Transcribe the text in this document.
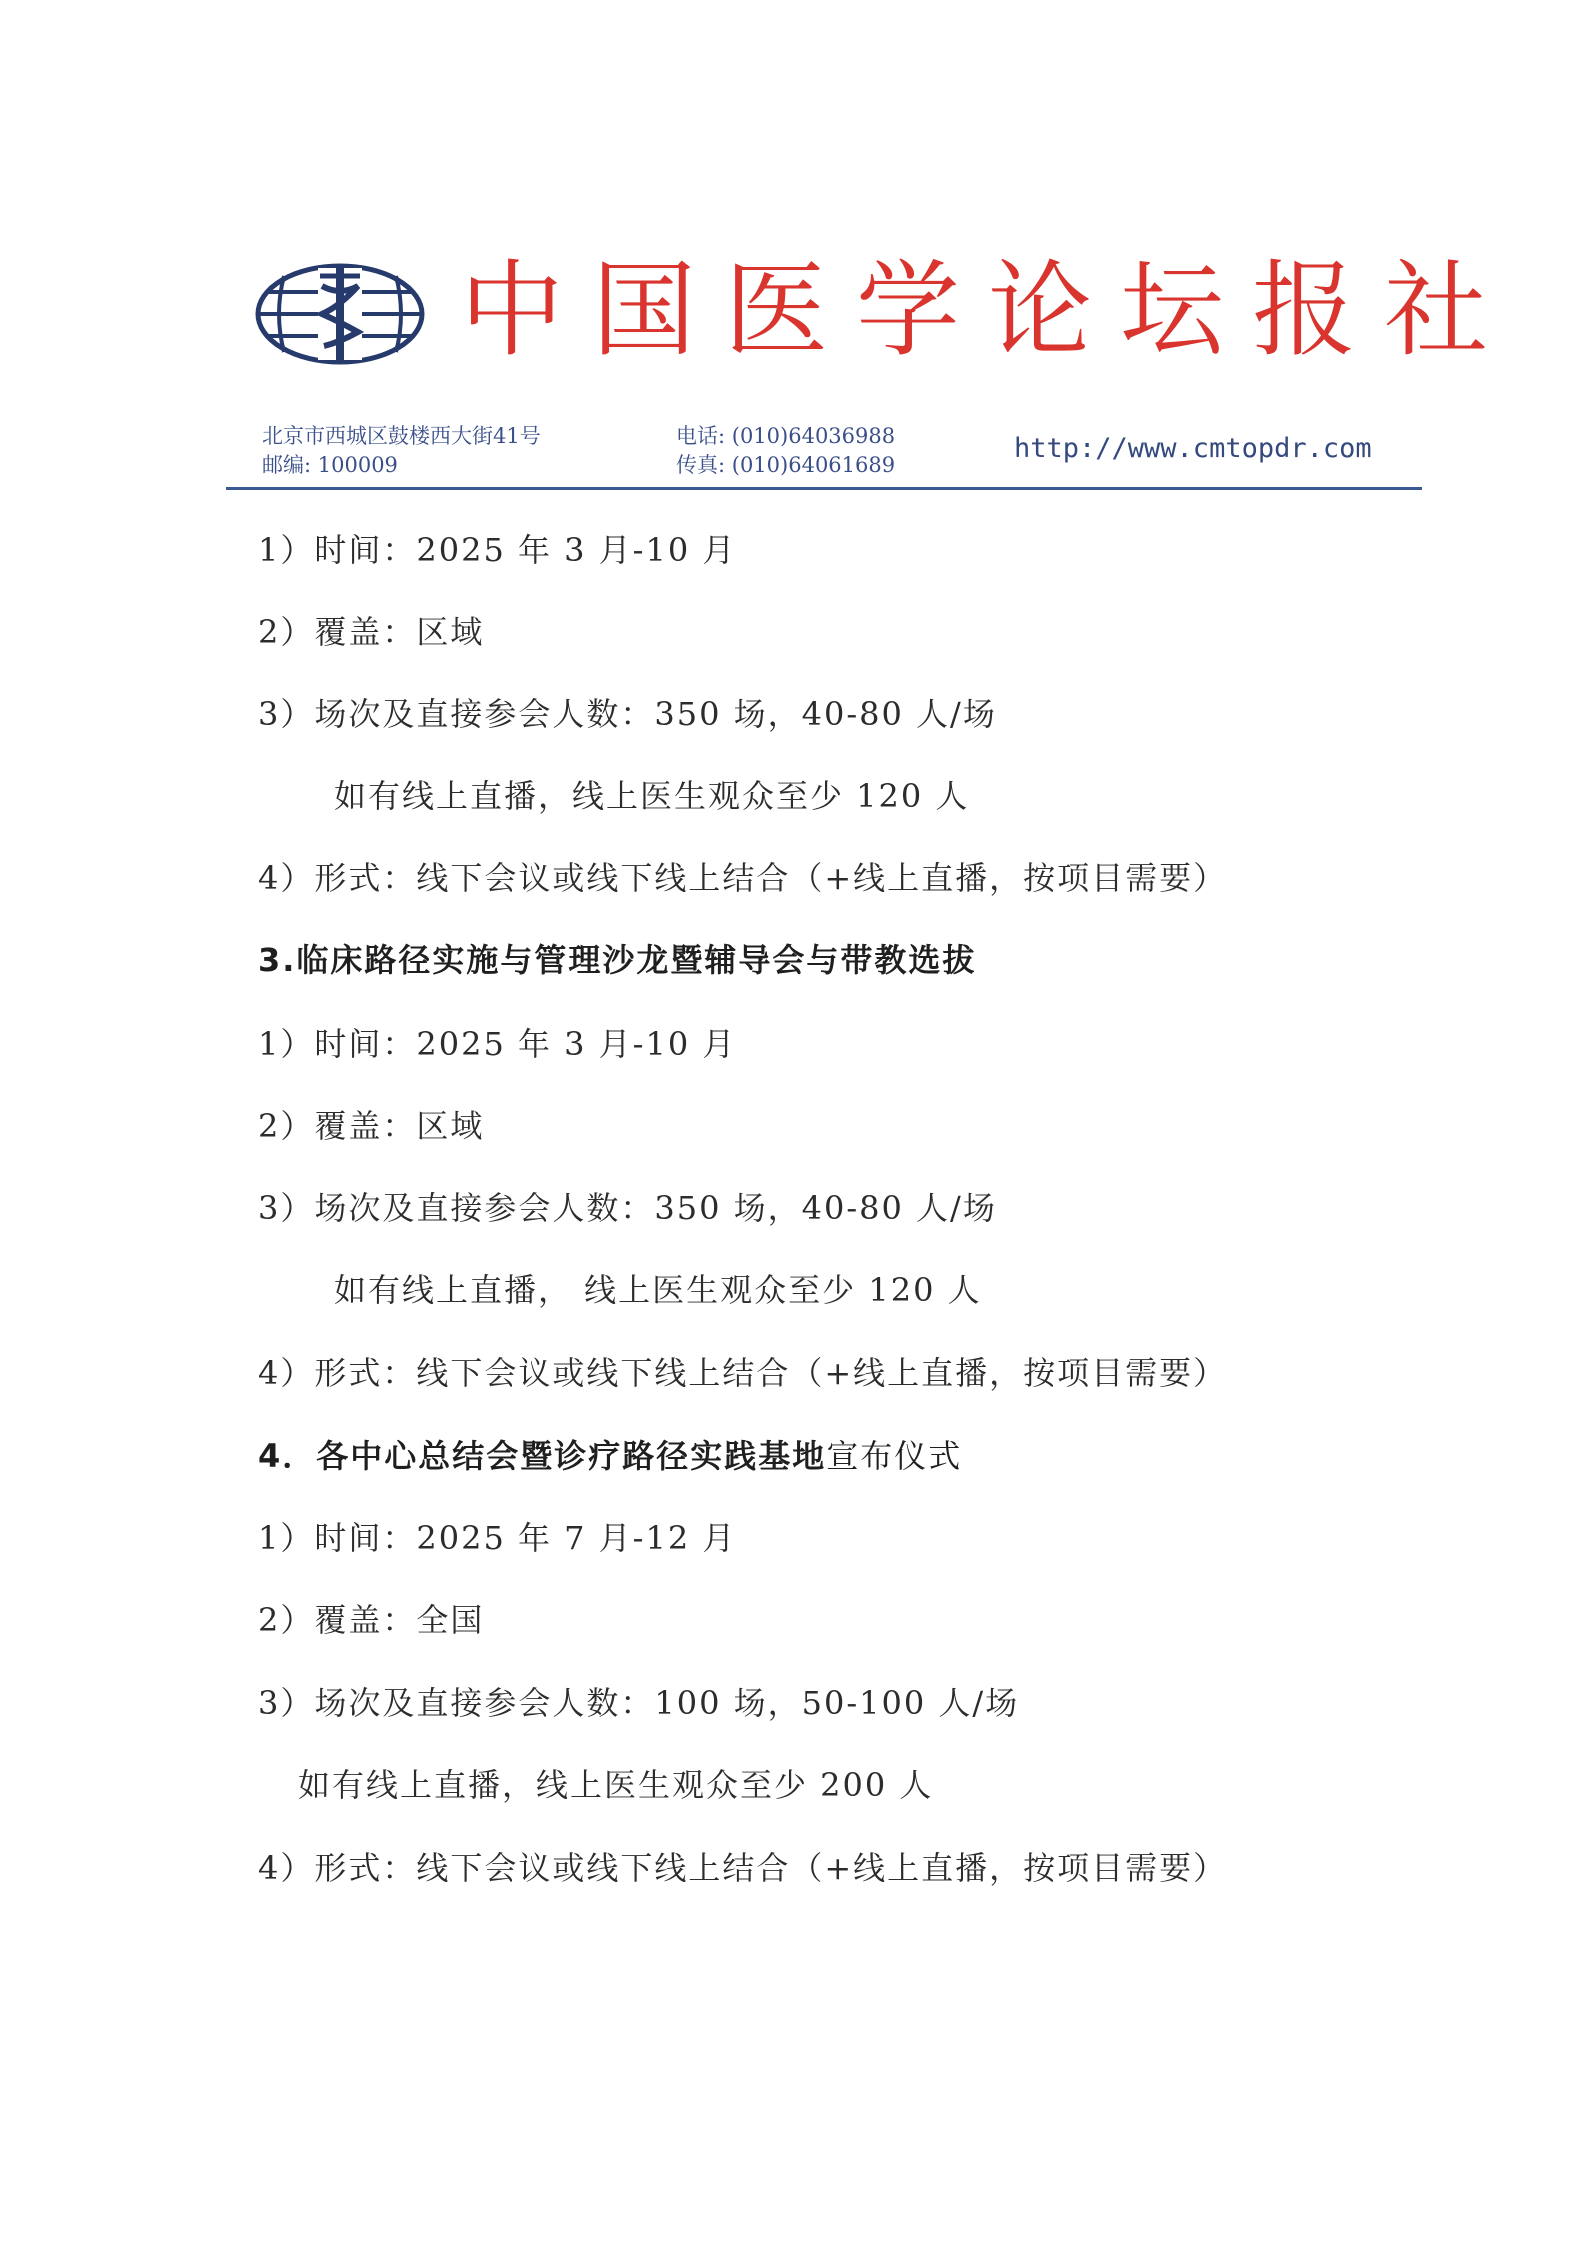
中国医学论坛报社
北京市西城区鼓楼西大街41号
邮编: 100009
电话: (010)64036988
传真: (010)64061689
http://www.cmtopdr.com
1）时间：2025 年 3 月-10 月
2）覆盖：区域
3）场次及直接参会人数：350 场，40-80 人/场
如有线上直播，线上医生观众至少 120 人
4）形式：线下会议或线下线上结合（+线上直播，按项目需要）
3.临床路径实施与管理沙龙暨辅导会与带教选拔
1）时间：2025 年 3 月-10 月
2）覆盖：区域
3）场次及直接参会人数：350 场，40-80 人/场
如有线上直播， 线上医生观众至少 120 人
4）形式：线下会议或线下线上结合（+线上直播，按项目需要）
4．各中心总结会暨诊疗路径实践基地宣布仪式
1）时间：2025 年 7 月-12 月
2）覆盖：全国
3）场次及直接参会人数：100 场，50-100 人/场
如有线上直播，线上医生观众至少 200 人
4）形式：线下会议或线下线上结合（+线上直播，按项目需要）
